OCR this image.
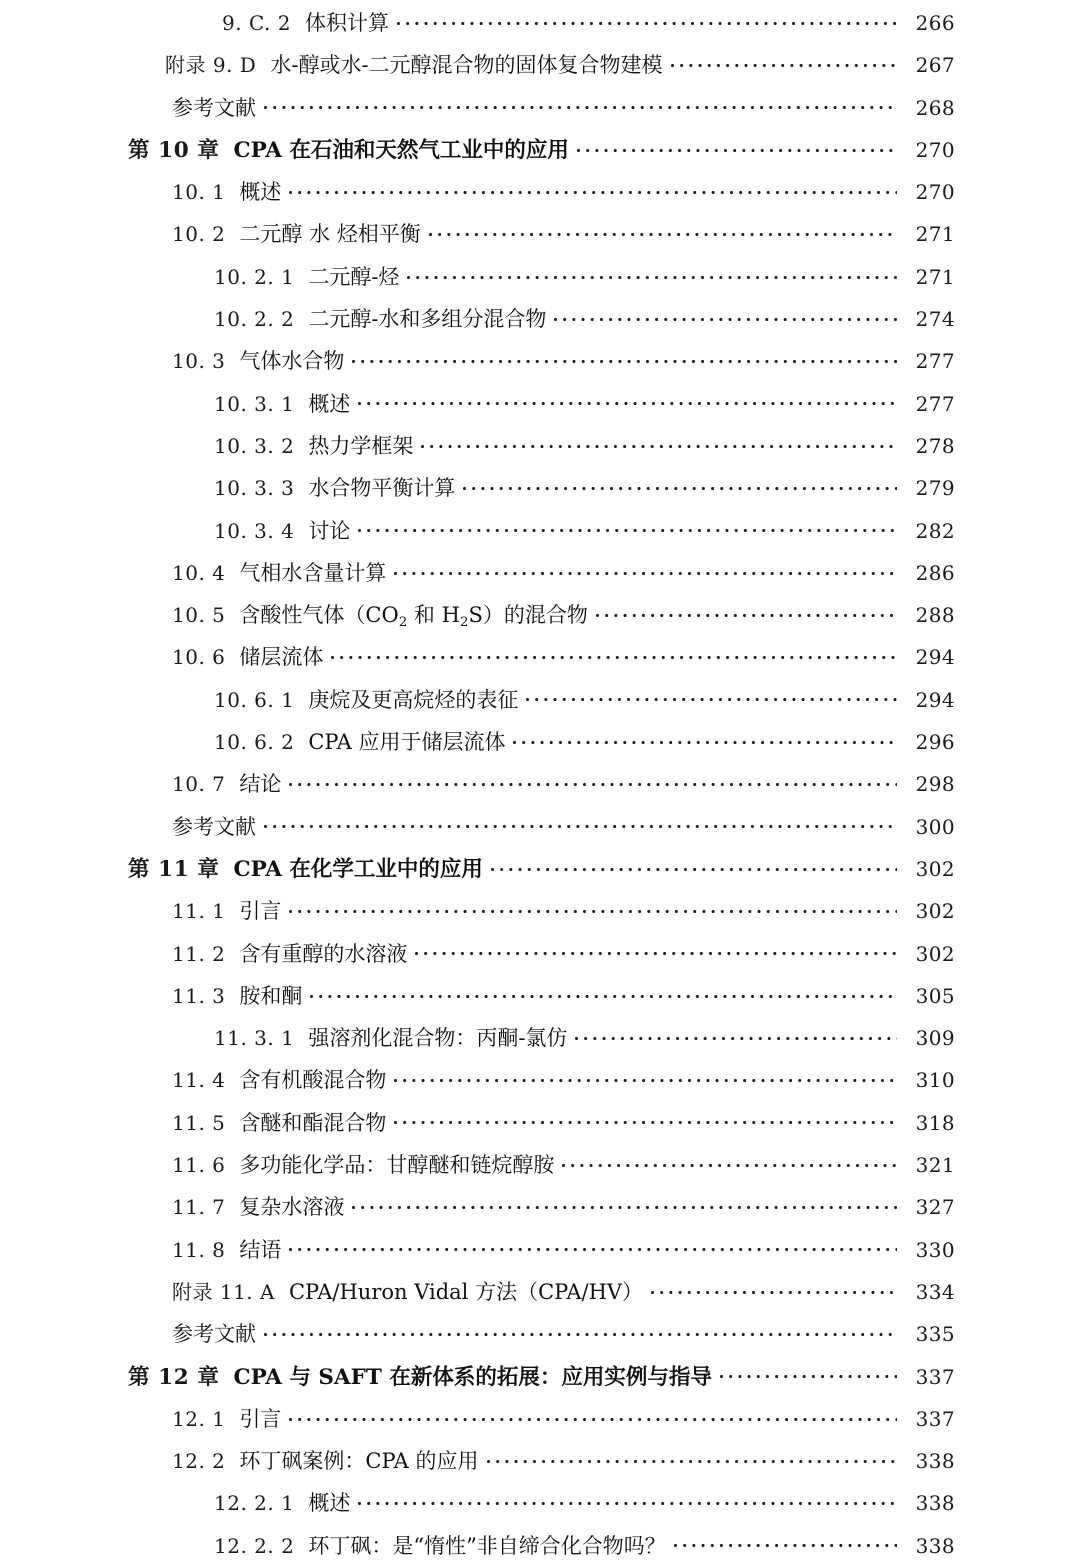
9. C. 2 体积计算	266
附录 9. D 水-醇或水-二元醇混合物的固体复合物建模	267
参考文献	268
第 10 章 CPA 在石油和天然气工业中的应用	270
10. 1 概述	270
10. 2 二元醇 水 烃相平衡	271
10. 2. 1 二元醇-烃	271
10. 2. 2 二元醇-水和多组分混合物	274
10. 3 气体水合物	277
10. 3. 1 概述	277
10. 3. 2 热力学框架	278
10. 3. 3 水合物平衡计算	279
10. 3. 4 讨论	282
10. 4 气相水含量计算	286
10. 5 含酸性气体（$CO_2$ 和 $H_2S$）的混合物	288
10. 6 储层流体	294
10. 6. 1 庚烷及更高烷烃的表征	294
10. 6. 2 CPA 应用于储层流体	296
10. 7 结论	298
参考文献	300
第 11 章 CPA 在化学工业中的应用	302
11. 1 引言	302
11. 2 含有重醇的水溶液	302
11. 3 胺和酮	305
11. 3. 1 强溶剂化混合物：丙酮-氯仿	309
11. 4 含有机酸混合物	310
11. 5 含醚和酯混合物	318
11. 6 多功能化学品：甘醇醚和链烷醇胺	321
11. 7 复杂水溶液	327
11. 8 结语	330
附录 11. A CPA/Huron Vidal 方法（CPA/HV）	334
参考文献	335
第 12 章 CPA 与 SAFT 在新体系的拓展：应用实例与指导	337
12. 1 引言	337
12. 2 环丁砜案例：CPA 的应用	338
12. 2. 1 概述	338
12. 2. 2 环丁砜：是“惰性”非自缔合化合物吗？	338
